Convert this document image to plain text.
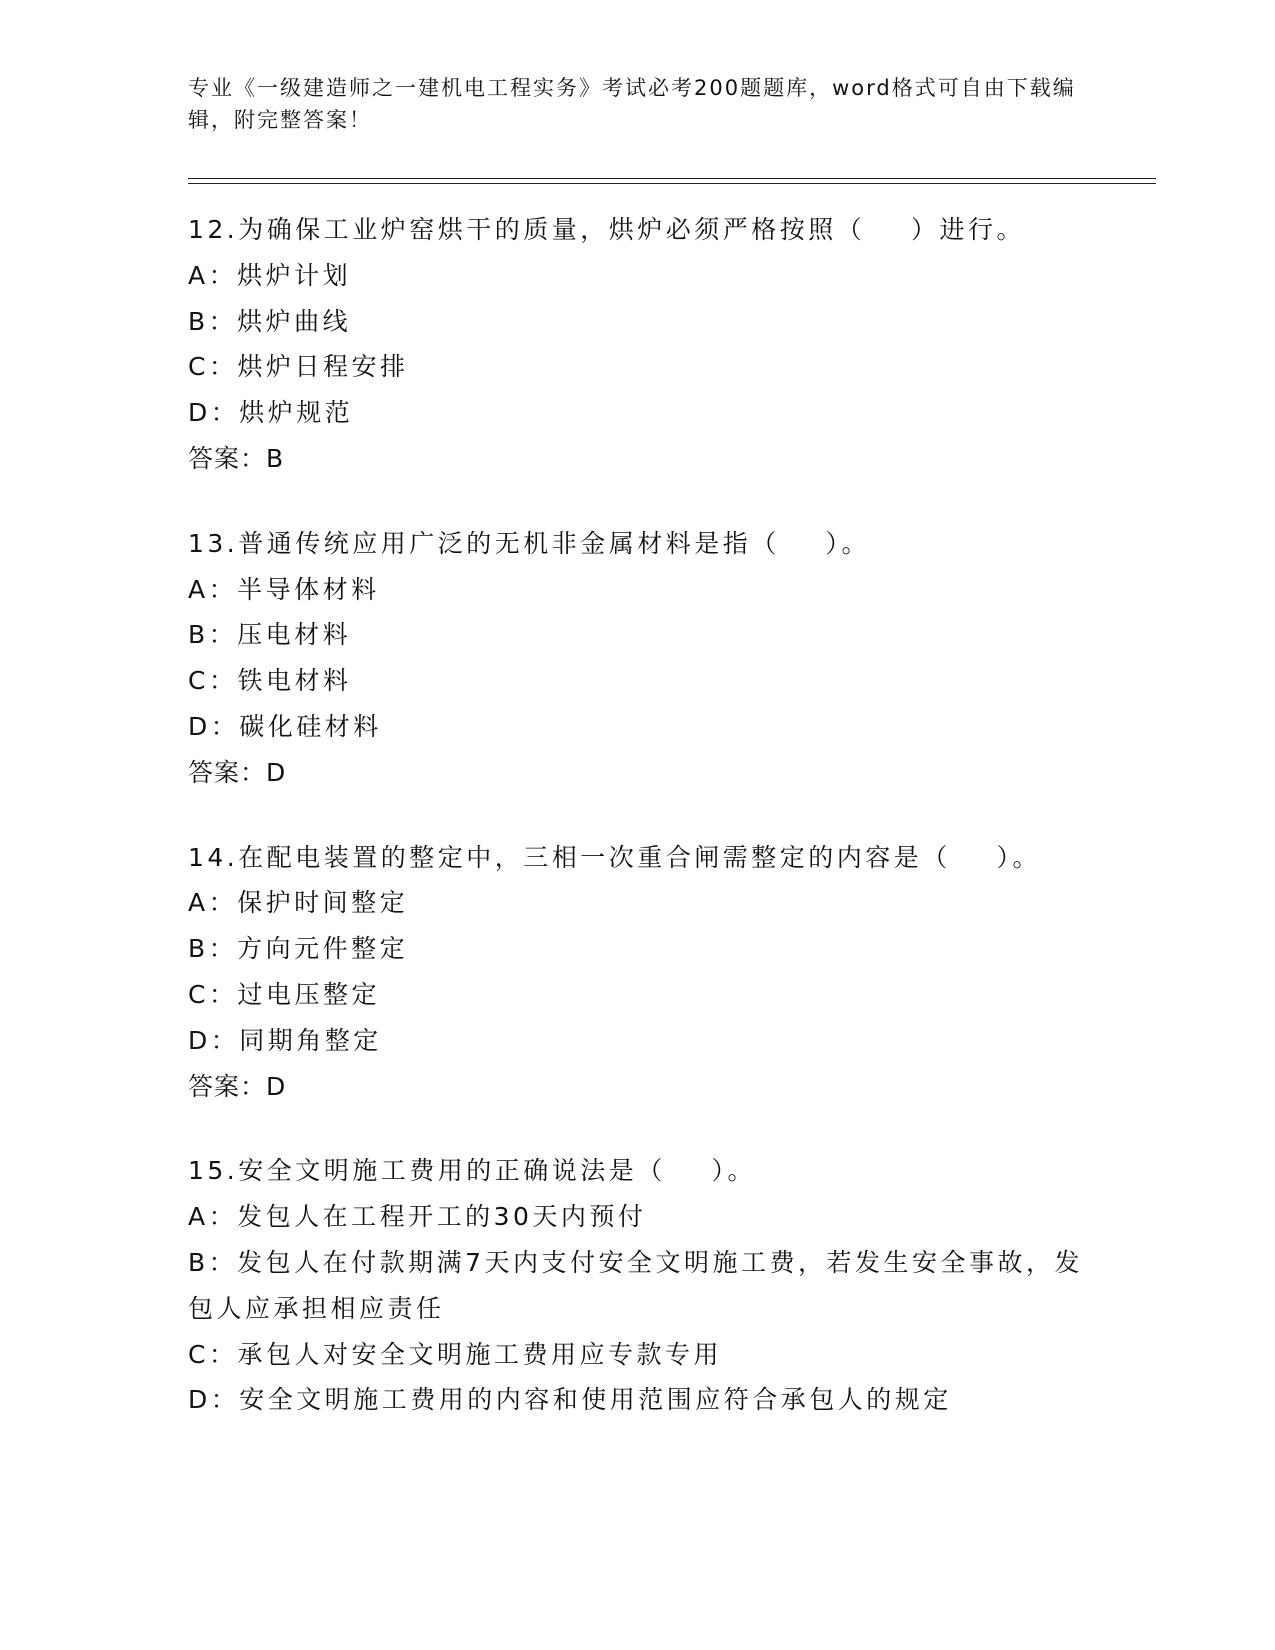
专业《一级建造师之一建机电工程实务》考试必考200题题库，word格式可自由下载编辑，附完整答案！
12.为确保工业炉窑烘干的质量，烘炉必须严格按照（    ）进行。
A：烘炉计划
B：烘炉曲线
C：烘炉日程安排
D：烘炉规范
答案：B
13.普通传统应用广泛的无机非金属材料是指（    ）。
A：半导体材料
B：压电材料
C：铁电材料
D：碳化硅材料
答案：D
14.在配电装置的整定中，三相一次重合闸需整定的内容是（    ）。
A：保护时间整定
B：方向元件整定
C：过电压整定
D：同期角整定
答案：D
15.安全文明施工费用的正确说法是（    ）。
A：发包人在工程开工的30天内预付
B：发包人在付款期满7天内支付安全文明施工费，若发生安全事故，发包人应承担相应责任
C：承包人对安全文明施工费用应专款专用
D：安全文明施工费用的内容和使用范围应符合承包人的规定
